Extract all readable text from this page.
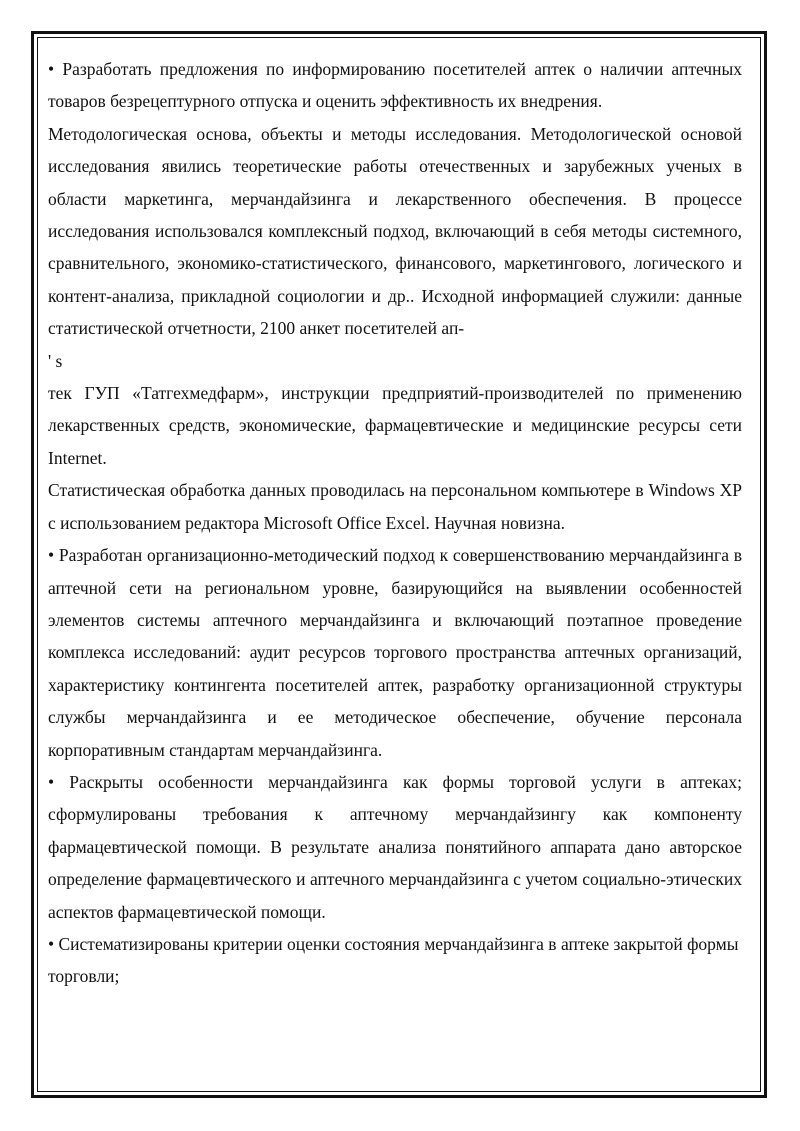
• Разработать предложения по информированию посетителей аптек о наличии аптечных товаров безрецептурного отпуска и оценить эффективность их внедрения.

Методологическая основа, объекты и методы исследования. Методологической основой исследования явились теоретические работы отечественных и зарубежных ученых в области маркетинга, мерчандайзинга и лекарственного обеспечения. В процессе исследования использовался комплексный подход, включающий в себя методы системного, сравнительного, экономико-статистического, финансового, маркетингового, логического и контент-анализа, прикладной социологии и др.. Исходной информацией служили: данные статистической отчетности, 2100 анкет посетителей ап-

' s

тек ГУП «Татгехмедфарм», инструкции предприятий-производителей по применению лекарственных средств, экономические, фармацевтические и медицинские ресурсы сети Internet.

Статистическая обработка данных проводилась на персональном компьютере в Windows XP с использованием редактора Microsoft Office Excel. Научная новизна.

• Разработан организационно-методический подход к совершенствованию мерчандайзинга в аптечной сети на региональном уровне, базирующийся на выявлении особенностей элементов системы аптечного мерчандайзинга и включающий поэтапное проведение комплекса исследований: аудит ресурсов торгового пространства аптечных организаций, характеристику контингента посетителей аптек, разработку организационной структуры службы мерчандайзинга и ее методическое обеспечение, обучение персонала корпоративным стандартам мерчандайзинга.

• Раскрыты особенности мерчандайзинга как формы торговой услуги в аптеках; сформулированы требования к аптечному мерчандайзингу как компоненту фармацевтической помощи. В результате анализа понятийного аппарата дано авторское определение фармацевтического и аптечного мерчандайзинга с учетом социально-этических аспектов фармацевтической помощи.

• Систематизированы критерии оценки состояния мерчандайзинга в аптеке закрытой формы торговли;
